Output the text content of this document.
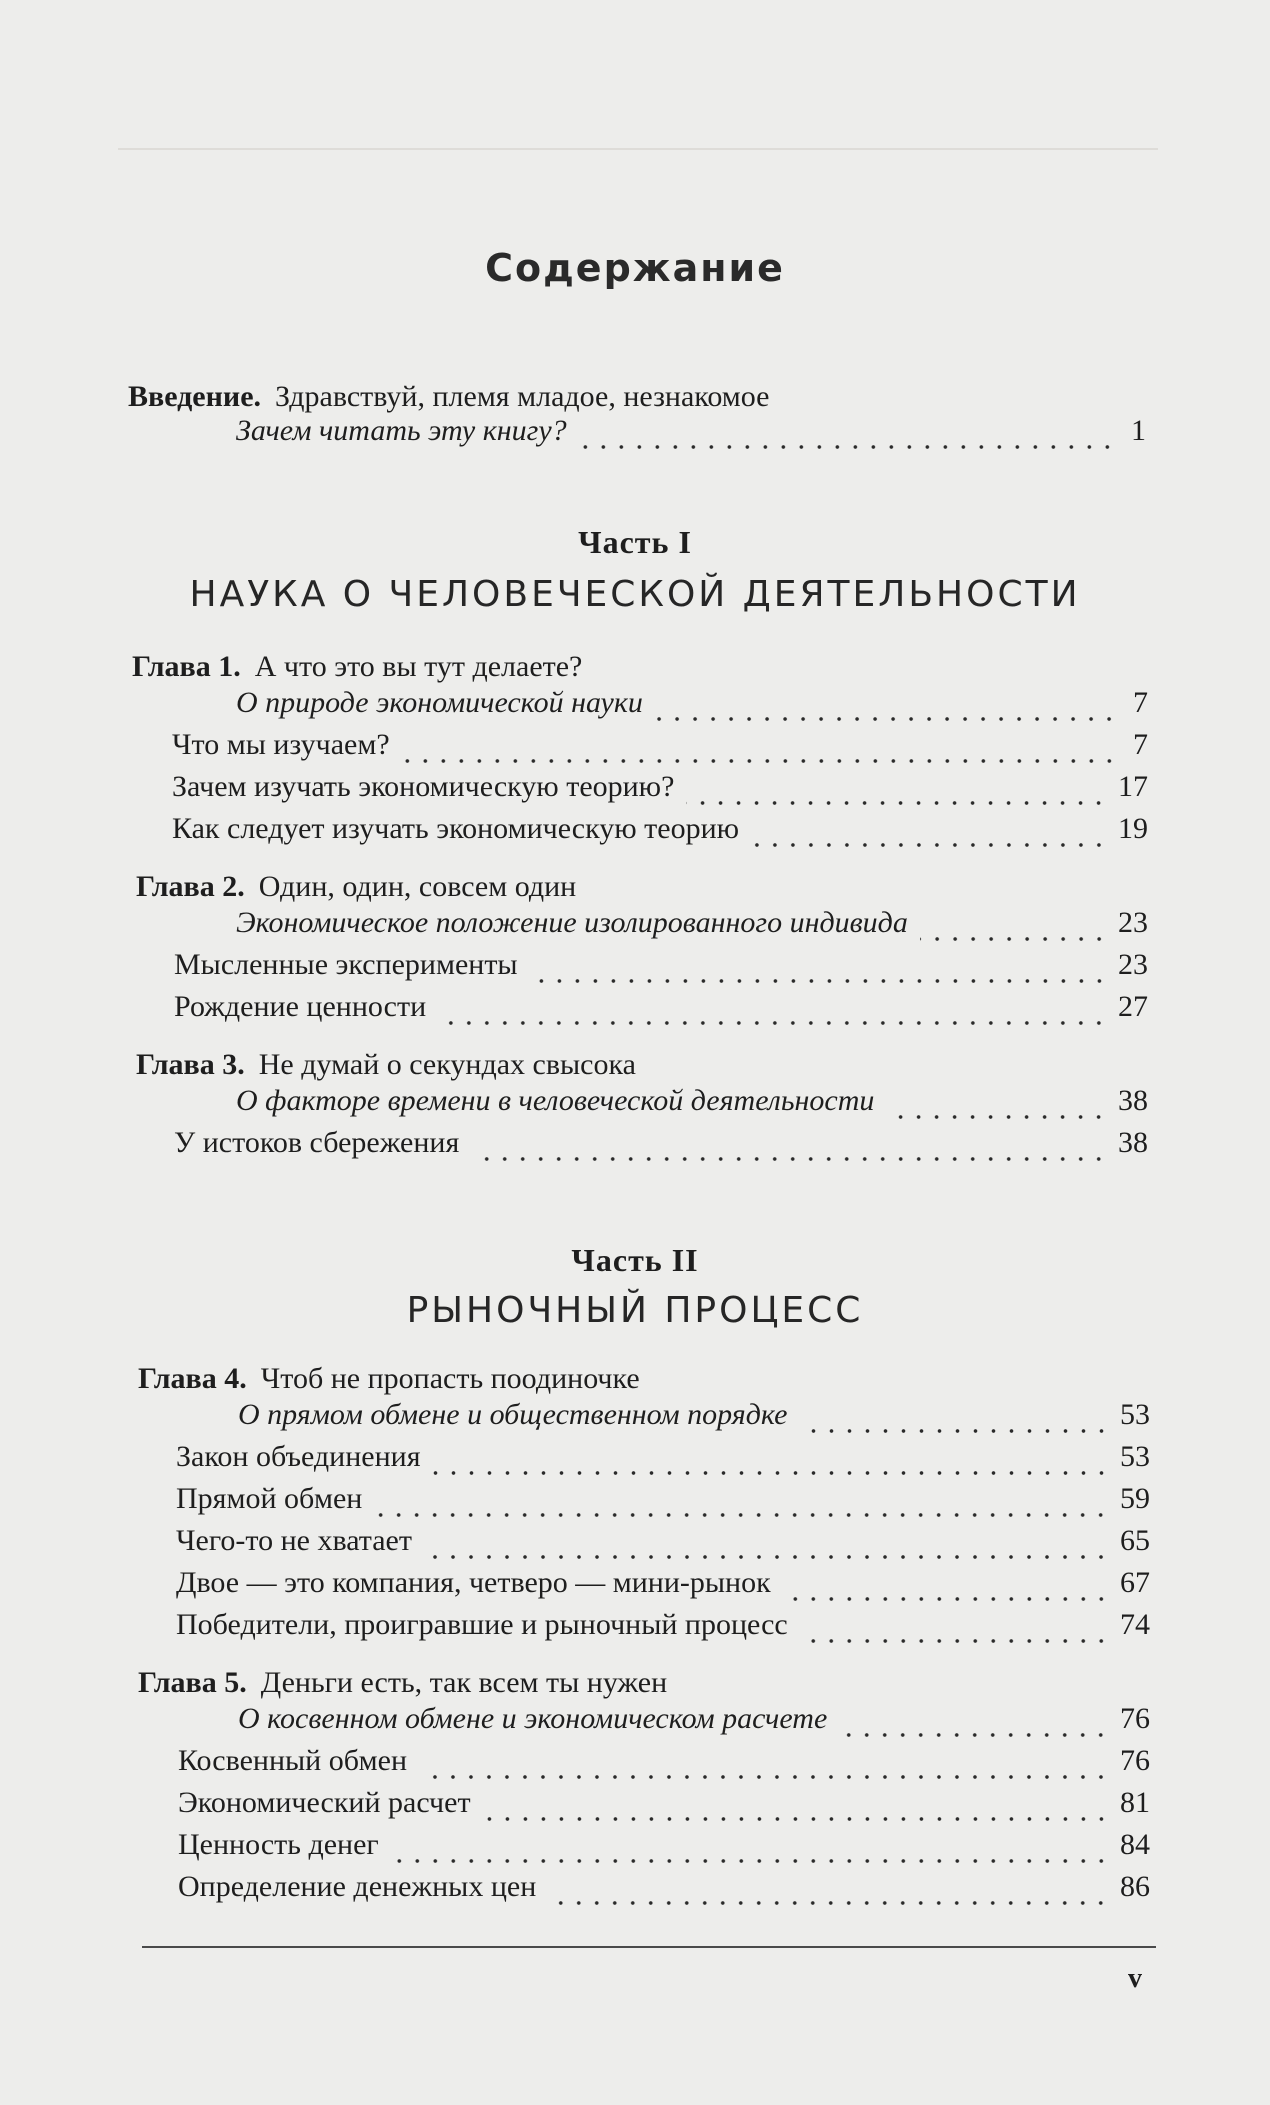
Содержание
Введение. Здравствуй, племя младое, незнакомое
Зачем читать эту книгу?	1
Часть I
НАУКА О ЧЕЛОВЕЧЕСКОЙ ДЕЯТЕЛЬНОСТИ
Глава 1. А что это вы тут делаете?
О природе экономической науки	7
Что мы изучаем?	7
Зачем изучать экономическую теорию?	17
Как следует изучать экономическую теорию	19
Глава 2. Один, один, совсем один
Экономическое положение изолированного индивида	23
Мысленные эксперименты	23
Рождение ценности	27
Глава 3. Не думай о секундах свысока
О факторе времени в человеческой деятельности	38
У истоков сбережения	38
Часть II
РЫНОЧНЫЙ ПРОЦЕСС
Глава 4. Чтоб не пропасть поодиночке
О прямом обмене и общественном порядке	53
Закон объединения	53
Прямой обмен	59
Чего-то не хватает	65
Двое — это компания, четверо — мини-рынок	67
Победители, проигравшие и рыночный процесс	74
Глава 5. Деньги есть, так всем ты нужен
О косвенном обмене и экономическом расчете	76
Косвенный обмен	76
Экономический расчет	81
Ценность денег	84
Определение денежных цен	86
v
